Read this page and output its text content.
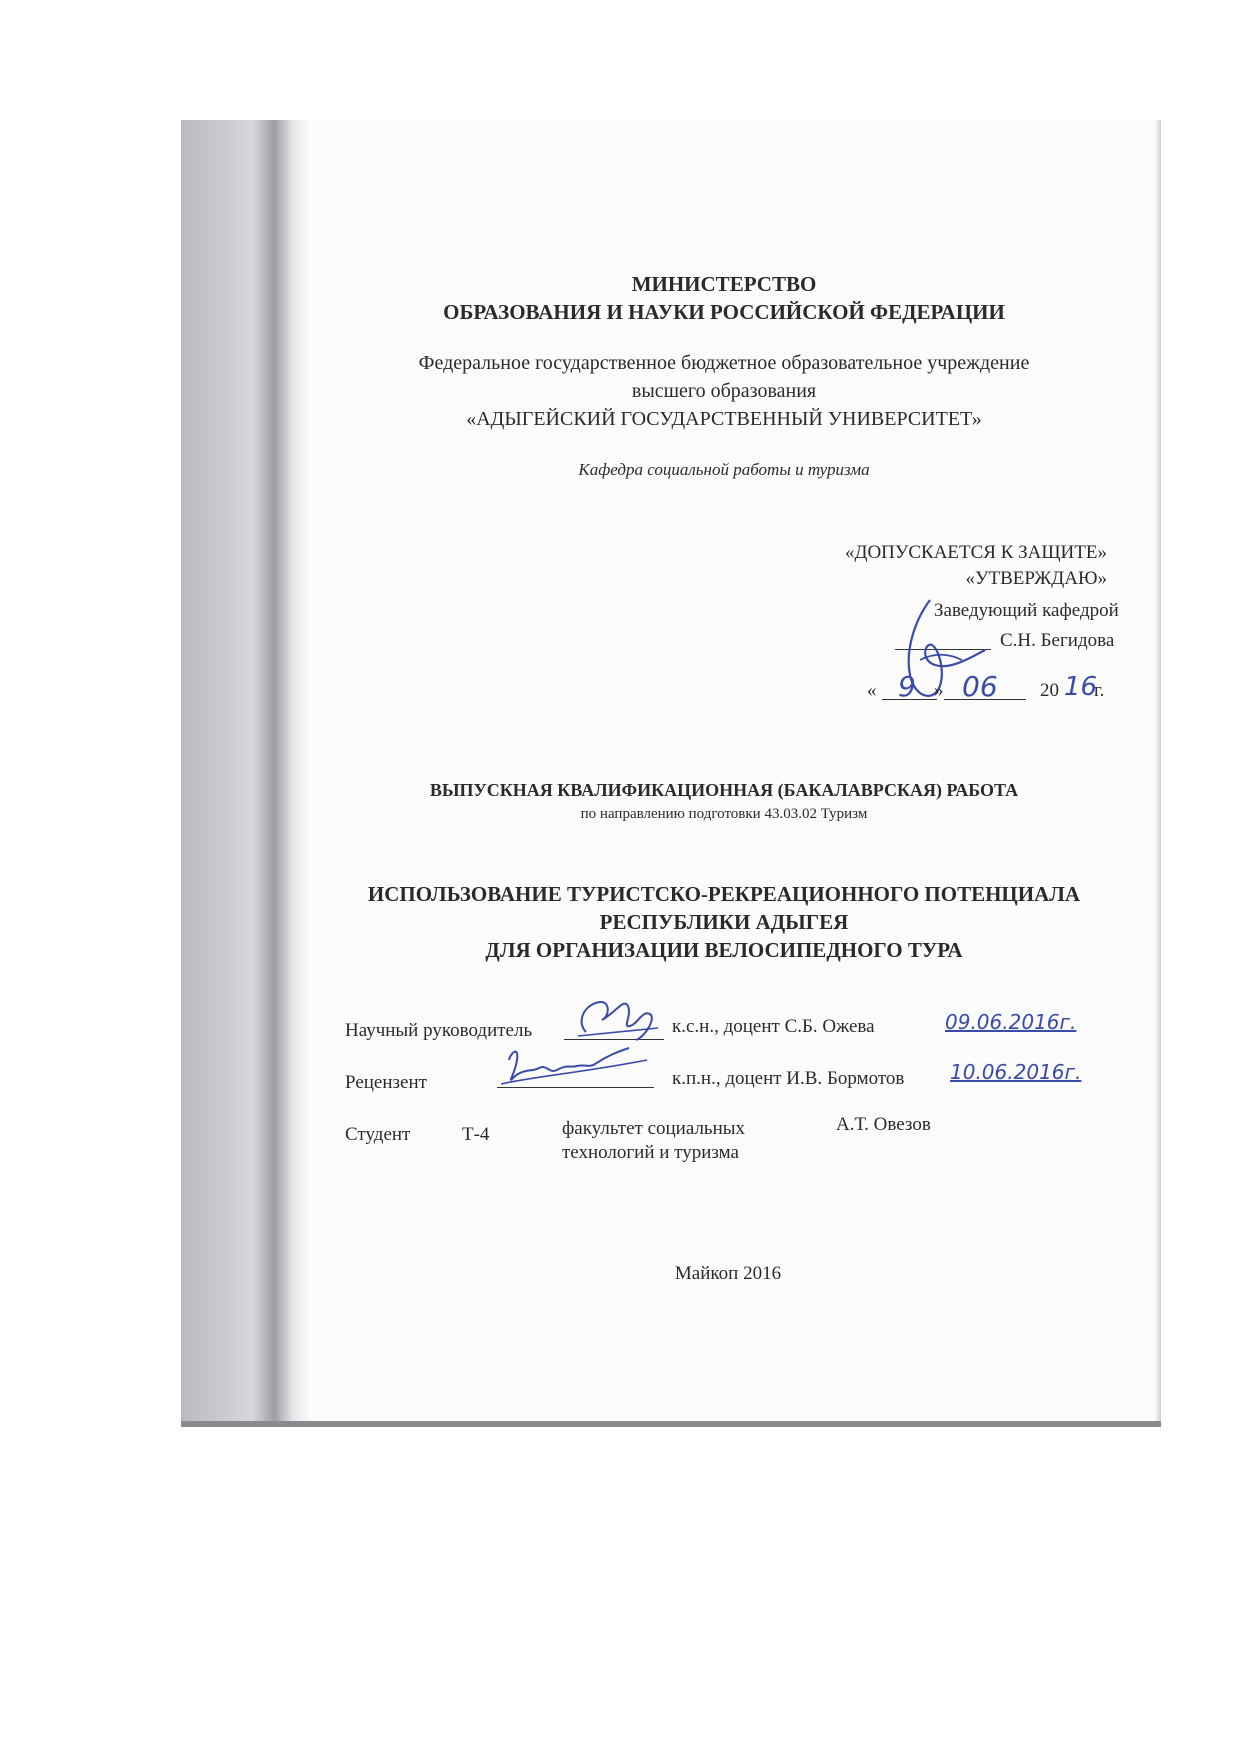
МИНИСТЕРСТВО
ОБРАЗОВАНИЯ И НАУКИ РОССИЙСКОЙ ФЕДЕРАЦИИ
Федеральное государственное бюджетное образовательное учреждение
высшего образования
«АДЫГЕЙСКИЙ ГОСУДАРСТВЕННЫЙ УНИВЕРСИТЕТ»
Кафедра социальной работы и туризма
«ДОПУСКАЕТСЯ К ЗАЩИТЕ»
«УТВЕРЖДАЮ»
Заведующий кафедрой
С.Н. Бегидова
« 9 » 06 20 16
г.
ВЫПУСКНАЯ КВАЛИФИКАЦИОННАЯ (БАКАЛАВРСКАЯ) РАБОТА
по направлению подготовки 43.03.02 Туризм
ИСПОЛЬЗОВАНИЕ ТУРИСТСКО-РЕКРЕАЦИОННОГО ПОТЕНЦИАЛА
РЕСПУБЛИКИ АДЫГЕЯ
ДЛЯ ОРГАНИЗАЦИИ ВЕЛОСИПЕДНОГО ТУРА
Научный руководитель	к.с.н., доцент С.Б. Ожева	09.06.2016г.
Рецензент	к.п.н., доцент И.В. Бормотов 10.06.2016г.
Студент	Т-4	факультет социальных
технологий и туризма
А.Т. Овезов
Майкоп 2016
